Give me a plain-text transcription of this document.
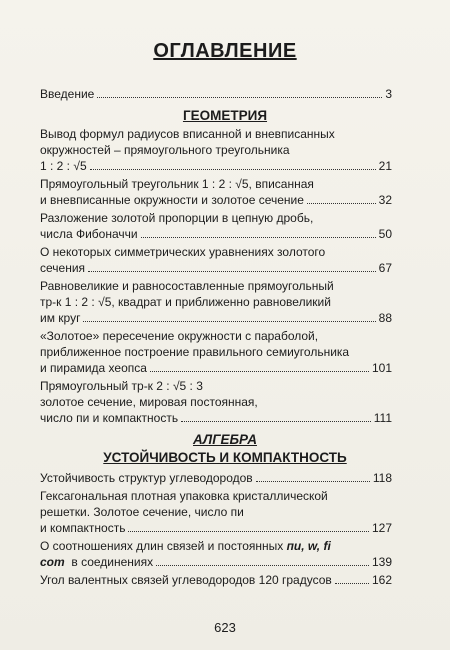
ОГЛАВЛЕНИЕ
Введение	3
ГЕОМЕТРИЯ
Вывод формул радиусов вписанной и вневписанных
окружностей – прямоугольного треугольника
1 : 2 : √5	21
Прямоугольный треугольник 1 : 2 : √5, вписанная
и вневписанные окружности и золотое сечение	32
Разложение золотой пропорции в цепную дробь,
числа Фибоначчи	50
О некоторых симметрических уравнениях золотого
сечения	67
Равновеликие и равносоставленные прямоугольный
тр-к 1 : 2 : √5, квадрат и приближенно равновеликий
им круг	88
«Золотое» пересечение окружности с параболой,
приближенное построение правильного семиугольника
и пирамида хеопса	101
Прямоугольный тр-к 2 : √5 : 3
золотое сечение, мировая постоянная,
число пи и компактность	111
АЛГЕБРА
УСТОЙЧИВОСТЬ И КОМПАКТНОСТЬ
Устойчивость структур углеводородов	118
Гексагональная плотная упаковка кристаллической
решетки. Золотое сечение, число пи
и компактность	127
О соотношениях длин связей и постоянных пи, w, fi
com  в соединениях	139
Угол валентных связей углеводородов 120 градусов	162
623
